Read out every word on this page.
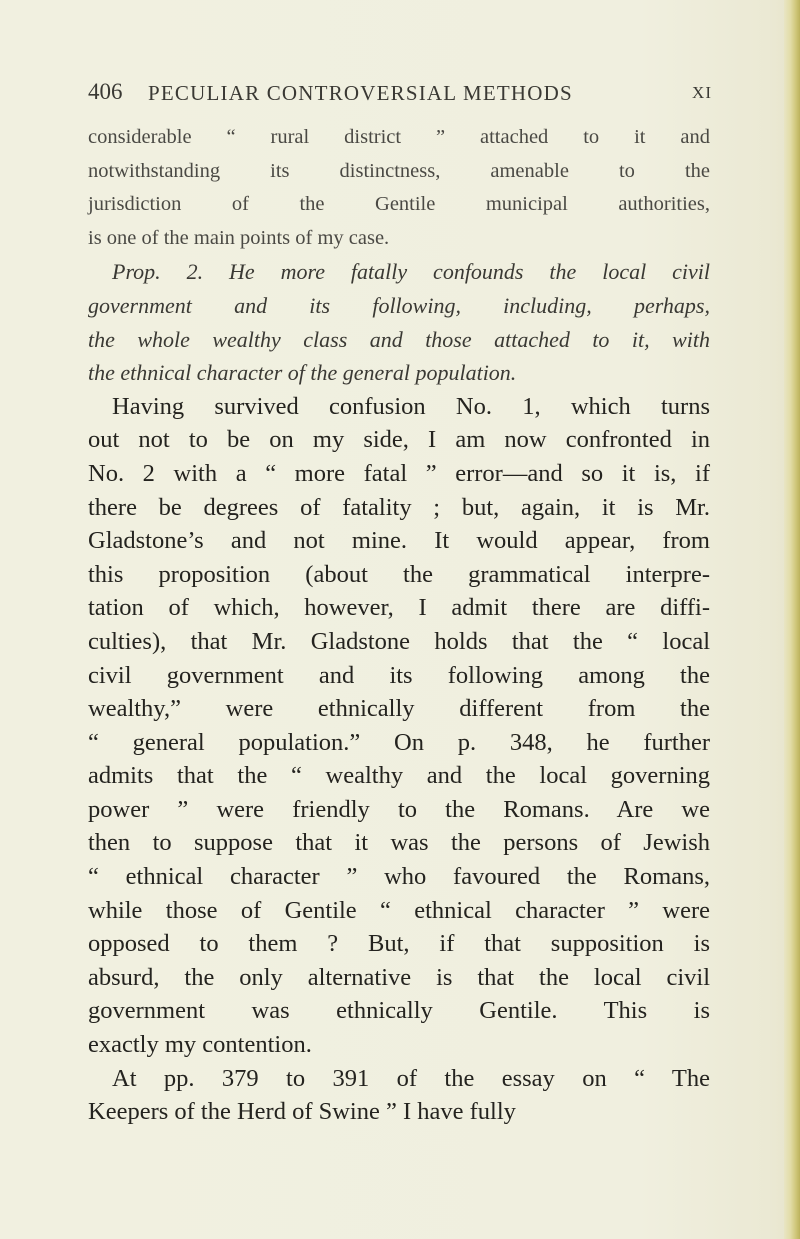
406 PECULIAR CONTROVERSIAL METHODS	XI
considerable “ rural district ” attached to it and
notwithstanding its distinctness, amenable to the
jurisdiction of the Gentile municipal authorities,
is one of the main points of my case.
Prop. 2. He more fatally confounds the local civil
government and its following, including, perhaps,
the whole wealthy class and those attached to it, with
the ethnical character of the general population.
Having survived confusion No. 1, which turns
out not to be on my side, I am now confronted in
No. 2 with a “ more fatal ” error—and so it is, if
there be degrees of fatality ; but, again, it is Mr.
Gladstone’s and not mine. It would appear, from
this proposition (about the grammatical interpre-
tation of which, however, I admit there are diffi-
culties), that Mr. Gladstone holds that the “ local
civil government and its following among the
wealthy,” were ethnically different from the
“ general population.” On p. 348, he further
admits that the “ wealthy and the local governing
power ” were friendly to the Romans. Are we
then to suppose that it was the persons of Jewish
“ ethnical character ” who favoured the Romans,
while those of Gentile “ ethnical character ” were
opposed to them ? But, if that supposition is
absurd, the only alternative is that the local civil
government was ethnically Gentile. This is
exactly my contention.
At pp. 379 to 391 of the essay on “ The
Keepers of the Herd of Swine ” I have fully
